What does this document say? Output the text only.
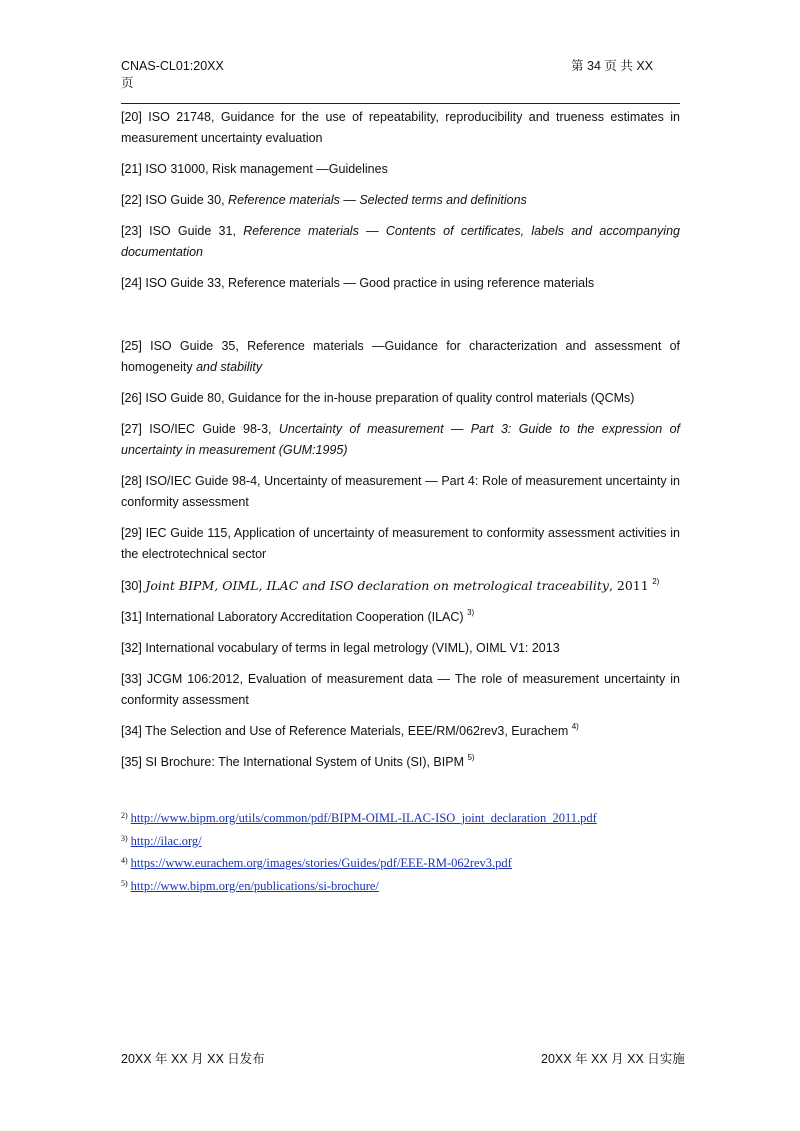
CNAS-CL01:20XX	第 34 页 共 XX
页

[20] ISO 21748, Guidance for the use of repeatability, reproducibility and trueness estimates in measurement uncertainty evaluation

[21] ISO 31000, Risk management —Guidelines

[22] ISO Guide 30, Reference materials — Selected terms and definitions

[23] ISO Guide 31, Reference materials — Contents of certificates, labels and accompanying documentation

[24] ISO Guide 33, Reference materials — Good practice in using reference materials

[25] ISO Guide 35, Reference materials —Guidance for characterization and assessment of homogeneity and stability

[26] ISO Guide 80, Guidance for the in-house preparation of quality control materials (QCMs)

[27] ISO/IEC Guide 98-3, Uncertainty of measurement — Part 3: Guide to the expression of uncertainty in measurement (GUM:1995)

[28] ISO/IEC Guide 98-4, Uncertainty of measurement — Part 4: Role of measurement uncertainty in conformity assessment

[29] IEC Guide 115, Application of uncertainty of measurement to conformity assessment activities in the electrotechnical sector

[30] Joint BIPM, OIML, ILAC and ISO declaration on metrological traceability, 2011 $^{2)}$

[31] International Laboratory Accreditation Cooperation (ILAC) $^{3)}$

[32] International vocabulary of terms in legal metrology (VIML), OIML V1: 2013

[33] JCGM 106:2012, Evaluation of measurement data — The role of measurement uncertainty in conformity assessment

[34] The Selection and Use of Reference Materials, EEE/RM/062rev3, Eurachem $^{4)}$

[35] SI Brochure: The International System of Units (SI), BIPM $^{5)}$

$^{2)}$ http://www.bipm.org/utils/common/pdf/BIPM-OIML-ILAC-ISO_joint_declaration_2011.pdf

$^{3)}$ http://ilac.org/

$^{4)}$ https://www.eurachem.org/images/stories/Guides/pdf/EEE-RM-062rev3.pdf

$^{5)}$ http://www.bipm.org/en/publications/si-brochure/

20XX 年 XX 月 XX 日发布	20XX 年 XX 月 XX 日实施
